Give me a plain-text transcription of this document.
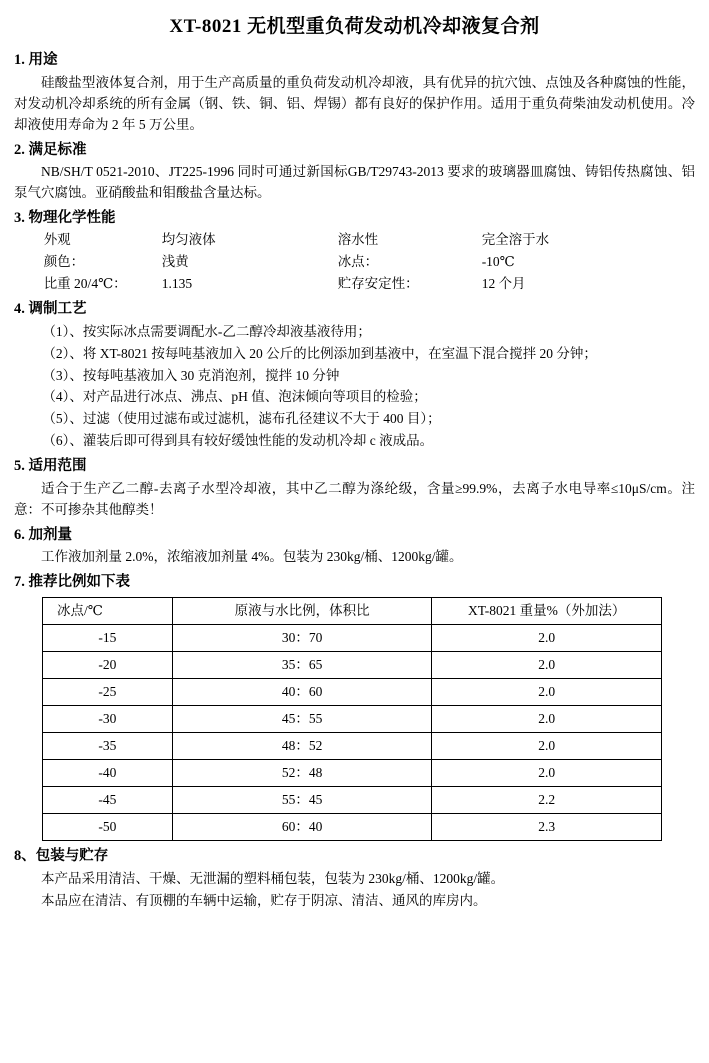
XT-8021 无机型重负荷发动机冷却液复合剂
1. 用途

硅酸盐型液体复合剂，用于生产高质量的重负荷发动机冷却液，具有优异的抗穴蚀、点蚀及各种腐蚀的性能，对发动机冷却系统的所有金属（钢、铁、铜、铝、焊锡）都有良好的保护作用。适用于重负荷柴油发动机使用。冷却液使用寿命为 2 年 5 万公里。

2. 满足标准

NB/SH/T 0521-2010、JT225-1996 同时可通过新国标GB/T29743-2013 要求的玻璃器皿腐蚀、铸铝传热腐蚀、铝泵气穴腐蚀。亚硝酸盐和钼酸盐含量达标。

3. 物理化学性能
外观	均匀液体	溶水性	完全溶于水
颜色：	浅黄	冰点：	-10℃
比重 20/4℃：	1.135	贮存安定性：	12 个月
4. 调制工艺

（1）、按实际冰点需要调配水-乙二醇冷却液基液待用；

（2）、将 XT-8021 按每吨基液加入 20 公斤的比例添加到基液中，在室温下混合搅拌 20 分钟；

（3）、按每吨基液加入 30 克消泡剂，搅拌 10 分钟

（4）、对产品进行冰点、沸点、pH 值、泡沫倾向等项目的检验；

（5）、过滤（使用过滤布或过滤机，滤布孔径建议不大于 400 目）；

（6）、灌装后即可得到具有较好缓蚀性能的发动机冷却 c 液成品。

5. 适用范围

适合于生产乙二醇-去离子水型冷却液，其中乙二醇为涤纶级，含量≥99.9%，去离子水电导率≤10μS/cm。注意：不可掺杂其他醇类！

6. 加剂量

工作液加剂量 2.0%，浓缩液加剂量 4%。包装为 230kg/桶、1200kg/罐。

7. 推荐比例如下表
冰点/℃	原液与水比例，体积比	XT-8021 重量%（外加法）
-15	30：70	2.0
-20	35：65	2.0
-25	40：60	2.0
-30	45：55	2.0
-35	48：52	2.0
-40	52：48	2.0
-45	55：45	2.2
-50	60：40	2.3
8、包装与贮存

本产品采用清洁、干燥、无泄漏的塑料桶包装，包装为 230kg/桶、1200kg/罐。

本品应在清洁、有顶棚的车辆中运输，贮存于阴凉、清洁、通风的库房内。
